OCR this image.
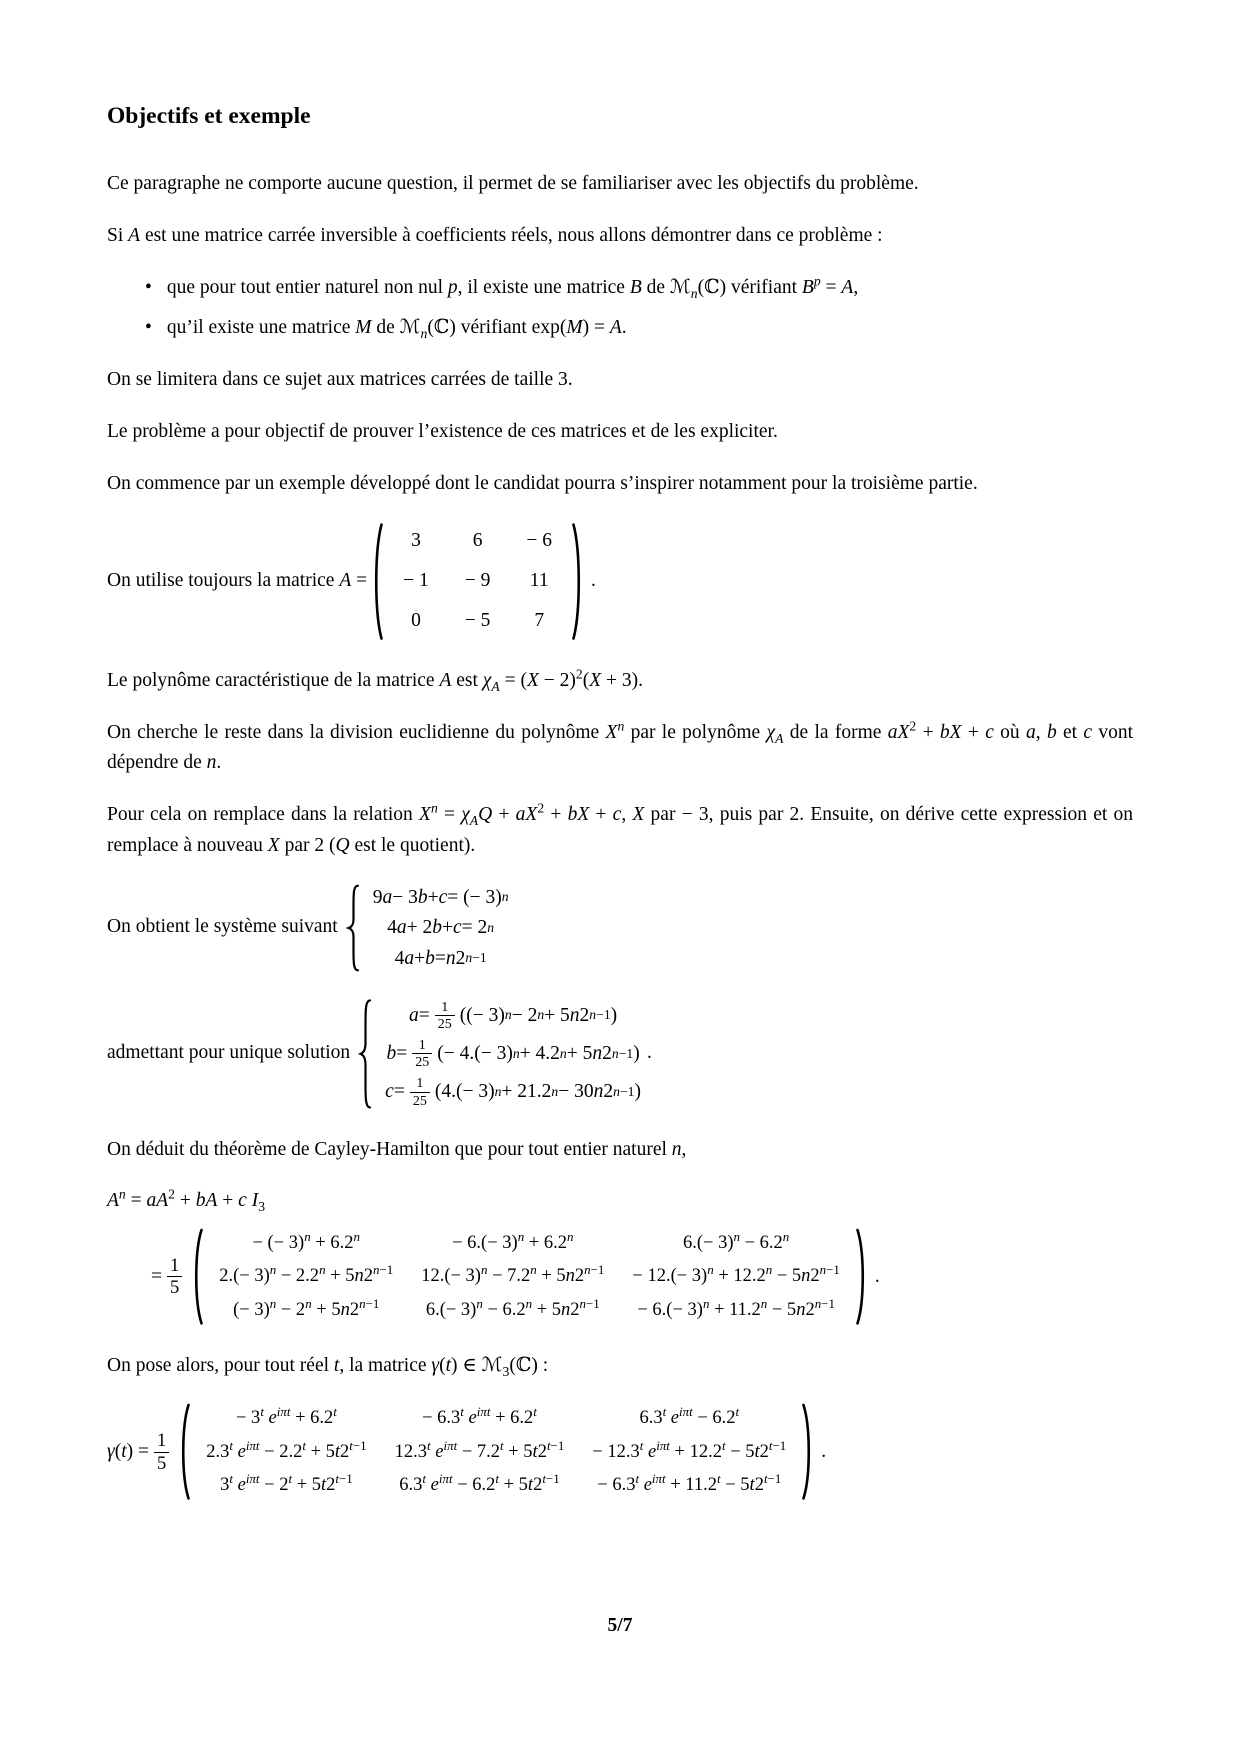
Objectifs et exemple

Ce paragraphe ne comporte aucune question, il permet de se familiariser avec les objectifs du problème.

Si A est une matrice carrée inversible à coefficients réels, nous allons démontrer dans ce problème :

• que pour tout entier naturel non nul p, il existe une matrice B de ℳ$_n$(ℂ) vérifiant $B^p = A$,
• qu’il existe une matrice M de ℳ$_n$(ℂ) vérifiant exp(M) = A.

On se limitera dans ce sujet aux matrices carrées de taille 3.

Le problème a pour objectif de prouver l’existence de ces matrices et de les expliciter.

On commence par un exemple développé dont le candidat pourra s’inspirer notamment pour la troisième partie.

On utilise toujours la matrice A =
3	6	− 6
− 1	− 9	11
0	− 5	7
.

Le polynôme caractéristique de la matrice A est $\chi_A = (X - 2)^2(X + 3)$.

On cherche le reste dans la division euclidienne du polynôme $X^n$ par le polynôme $\chi_A$ de la forme $aX^2$ + bX + c où a, b et c vont dépendre de n.

Pour cela on remplace dans la relation $X^n = \chi_AQ + aX^2$ + bX + c, X par − 3, puis par 2. Ensuite, on dérive cette expression et on remplace à nouveau X par 2 (Q est le quotient).

On obtient le système suivant
9 a − 3 b + c = (− 3) n
4 a + 2 b + c = 2 n
4 a + b = n 2 n−1
admettant pour unique solution
$a = \frac{1}{25}$ ((− 3) n − 2 n + 5 n 2 n−1 )
$b = \frac{1}{25}$ (− 4.(− 3) n + 4.2 n + 5 n 2 n−1 )
$c = \frac{1}{25} (4.(- 3) n + 21.2$ n − 30 n 2 n−1 )
.

On déduit du théorème de Cayley-Hamilton que pour tout entier naturel n,

$A^n = aA^2$ + bA + c $I_3$

= $\frac{1}{5}$
− (− $3)^n + 6.2^n$	− $6.(- 3)^n + 6.2^n$	$6.(- 3)^n - 6.2^n$
$2.(- 3)^n - 2.2^n + 5n2^{n-1}$	$12.(- 3)^n - 7.2^n + 5n2^{n-1}$	− $12.(- 3)^n + 12.2^n - 5n2^{n-1}$
(− $3)^n - 2^n + 5n2^{n-1}$	$6.(- 3)^n - 6.2^n + 5n2^{n-1}$	− $6.(- 3)^n + 11.2^n - 5n2^{n-1}$
.

On pose alors, pour tout réel t, la matrice γ(t) ∈ ℳ$_3$(ℂ) :

$\gamma(t) = \frac{1}{5}$
− $3^t$ $e^{i\pi t} + 6.2^t$	− $6.3^t$ $e^{i\pi t} + 6.2^t$	6.3$^t$ $e^{i\pi t} - 6.2^t$
2.3$^t$ $e^{i\pi t} - 2.2^t + 5t2^{t-1}$	12.3$^t$ $e^{i\pi t} - 7.2^t + 5t2^{t-1}$	− $12.3^t$ $e^{i\pi t} + 12.2^t - 5t2^{t-1}$
3$^t$ $e^{i\pi t} - 2^t + 5t2^{t-1}$	6.3$^t$ $e^{i\pi t} - 6.2^t + 5t2^{t-1}$	− $6.3^t$ $e^{i\pi t} + 11.2^t - 5t2^{t-1}$
.
5/7
